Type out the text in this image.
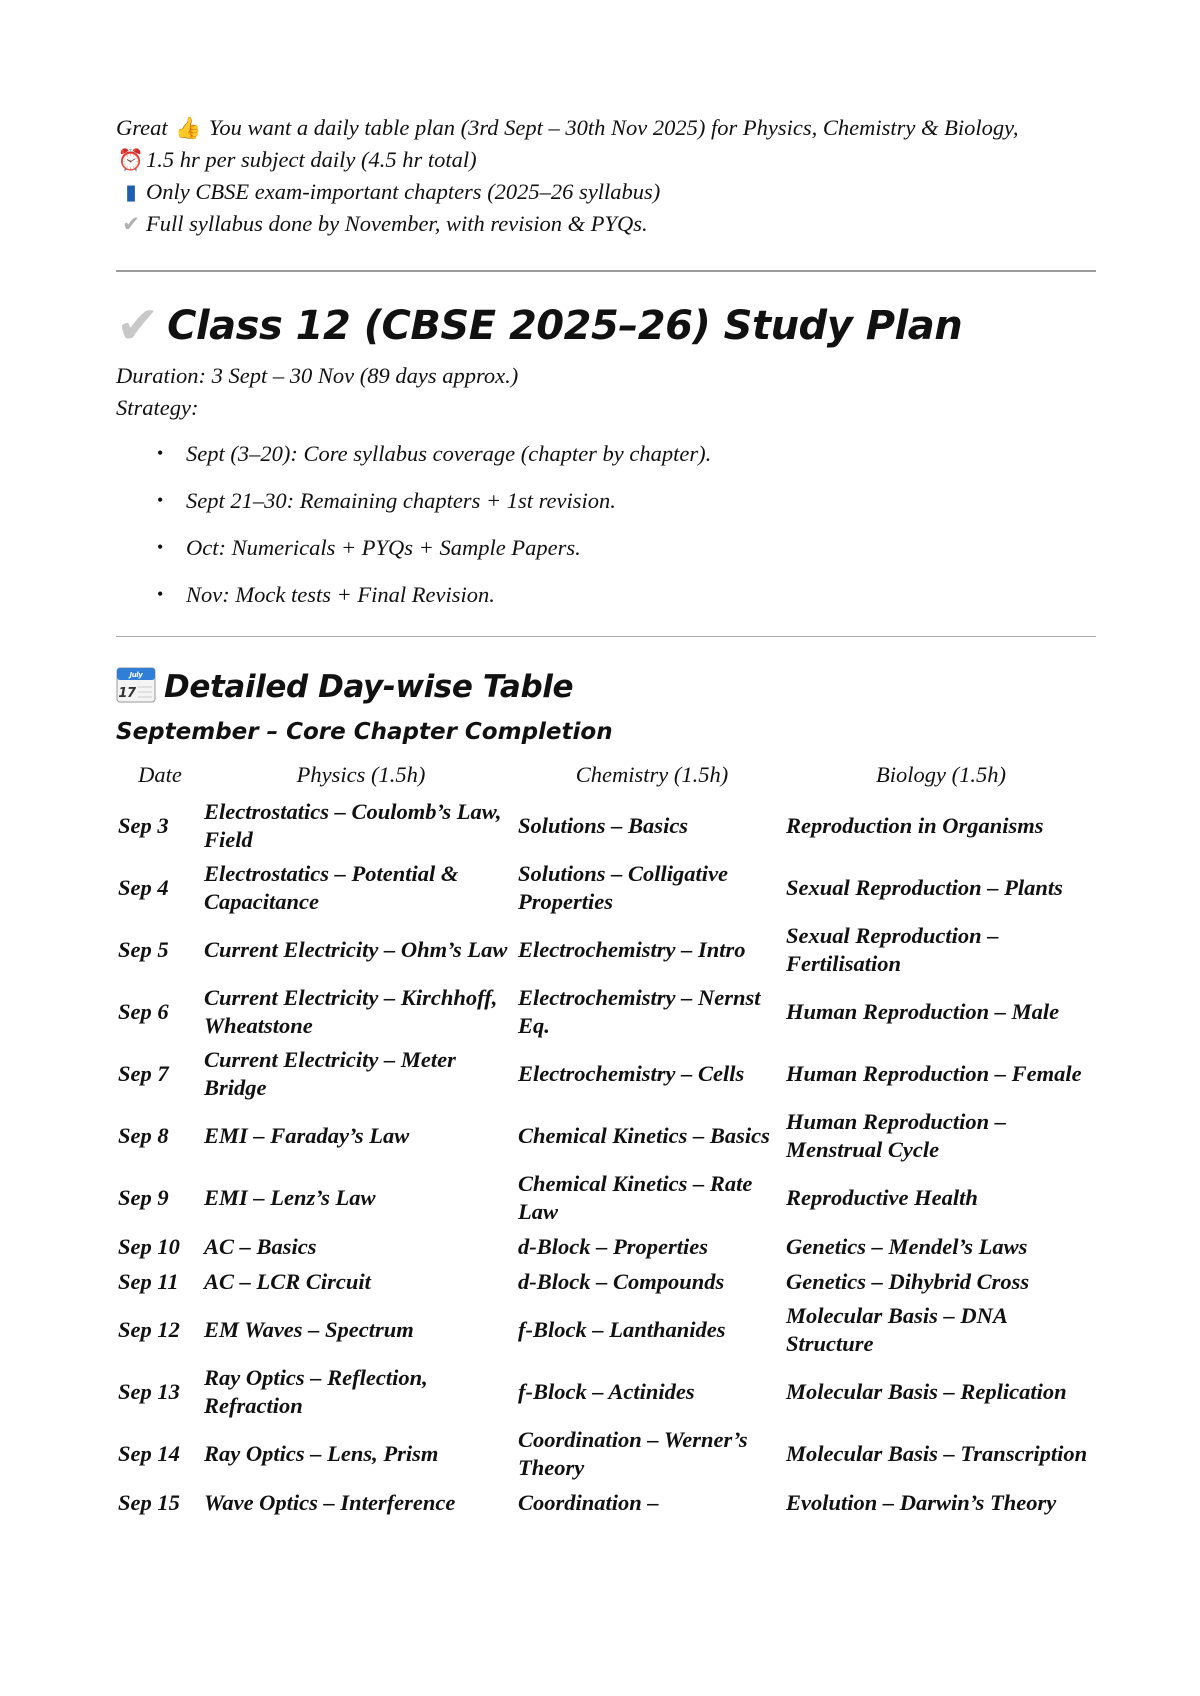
Great 👍 You want a daily table plan (3rd Sept – 30th Nov 2025) for Physics, Chemistry & Biology,

⏰1.5 hr per subject daily (4.5 hr total)

▮ Only CBSE exam-important chapters (2025–26 syllabus)

✔ Full syllabus done by November, with revision & PYQs.

✔ Class 12 (CBSE 2025–26) Study Plan

Duration: 3 Sept – 30 Nov (89 days approx.)

Strategy:

• Sept (3–20): Core syllabus coverage (chapter by chapter).
• Sept 21–30: Remaining chapters + 1st revision.
• Oct: Numericals + PYQs + Sample Papers.
• Nov: Mock tests + Final Revision.
July
17 Detailed Day-wise Table
September – Core Chapter Completion
Date	Physics (1.5h)	Chemistry (1.5h)	Biology (1.5h)
Sep 3	Electrostatics – Coulomb’s Law, Field	Solutions – Basics	Reproduction in Organisms
Sep 4	Electrostatics – Potential & Capacitance	Solutions – Colligative Properties	Sexual Reproduction – Plants
Sep 5	Current Electricity – Ohm’s Law	Electrochemistry – Intro	Sexual Reproduction – Fertilisation
Sep 6	Current Electricity – Kirchhoff, Wheatstone	Electrochemistry – Nernst Eq.	Human Reproduction – Male
Sep 7	Current Electricity – Meter Bridge	Electrochemistry – Cells	Human Reproduction – Female
Sep 8	EMI – Faraday’s Law	Chemical Kinetics – Basics	Human Reproduction – Menstrual Cycle
Sep 9	EMI – Lenz’s Law	Chemical Kinetics – Rate Law	Reproductive Health
Sep 10	AC – Basics	d-Block – Properties	Genetics – Mendel’s Laws
Sep 11	AC – LCR Circuit	d-Block – Compounds	Genetics – Dihybrid Cross
Sep 12	EM Waves – Spectrum	f-Block – Lanthanides	Molecular Basis – DNA Structure
Sep 13	Ray Optics – Reflection, Refraction	f-Block – Actinides	Molecular Basis – Replication
Sep 14	Ray Optics – Lens, Prism	Coordination – Werner’s Theory	Molecular Basis – Transcription
Sep 15	Wave Optics – Interference	Coordination –	Evolution – Darwin’s Theory
